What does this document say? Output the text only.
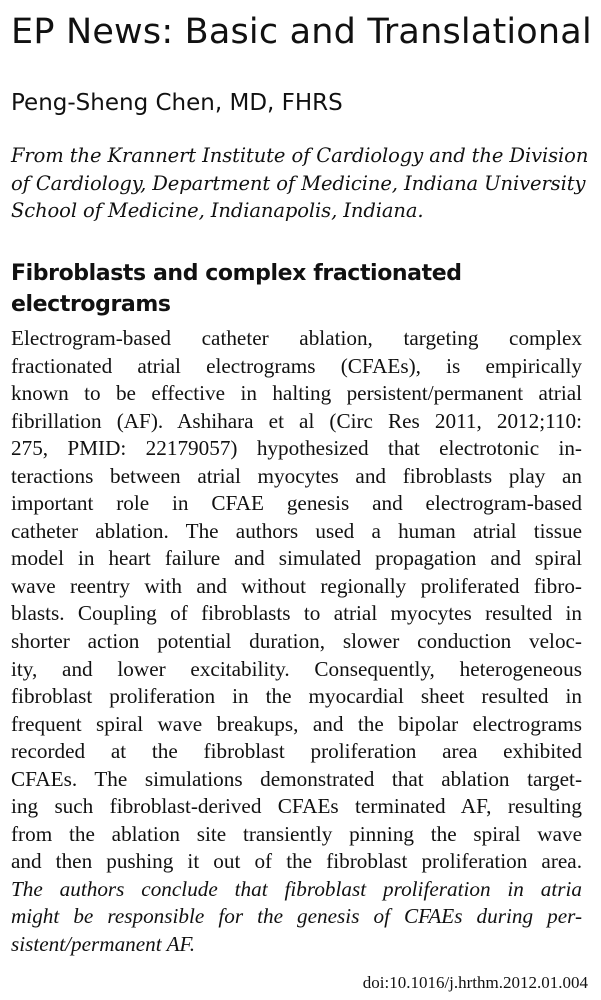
EP News: Basic and Translational
Peng-Sheng Chen, MD, FHRS
From the Krannert Institute of Cardiology and the Division
of Cardiology, Department of Medicine, Indiana University
School of Medicine, Indianapolis, Indiana.
Fibroblasts and complex fractionated
electrograms
Electrogram-based catheter ablation, targeting complex
fractionated atrial electrograms (CFAEs), is empirically
known to be effective in halting persistent/permanent atrial
fibrillation (AF). Ashihara et al (Circ Res 2011, 2012;110:
275, PMID: 22179057) hypothesized that electrotonic in-
teractions between atrial myocytes and fibroblasts play an
important role in CFAE genesis and electrogram-based
catheter ablation. The authors used a human atrial tissue
model in heart failure and simulated propagation and spiral
wave reentry with and without regionally proliferated fibro-
blasts. Coupling of fibroblasts to atrial myocytes resulted in
shorter action potential duration, slower conduction veloc-
ity, and lower excitability. Consequently, heterogeneous
fibroblast proliferation in the myocardial sheet resulted in
frequent spiral wave breakups, and the bipolar electrograms
recorded at the fibroblast proliferation area exhibited
CFAEs. The simulations demonstrated that ablation target-
ing such fibroblast-derived CFAEs terminated AF, resulting
from the ablation site transiently pinning the spiral wave
and then pushing it out of the fibroblast proliferation area.
The authors conclude that fibroblast proliferation in atria
might be responsible for the genesis of CFAEs during per-
sistent/permanent AF.
doi:10.1016/j.hrthm.2012.01.004
